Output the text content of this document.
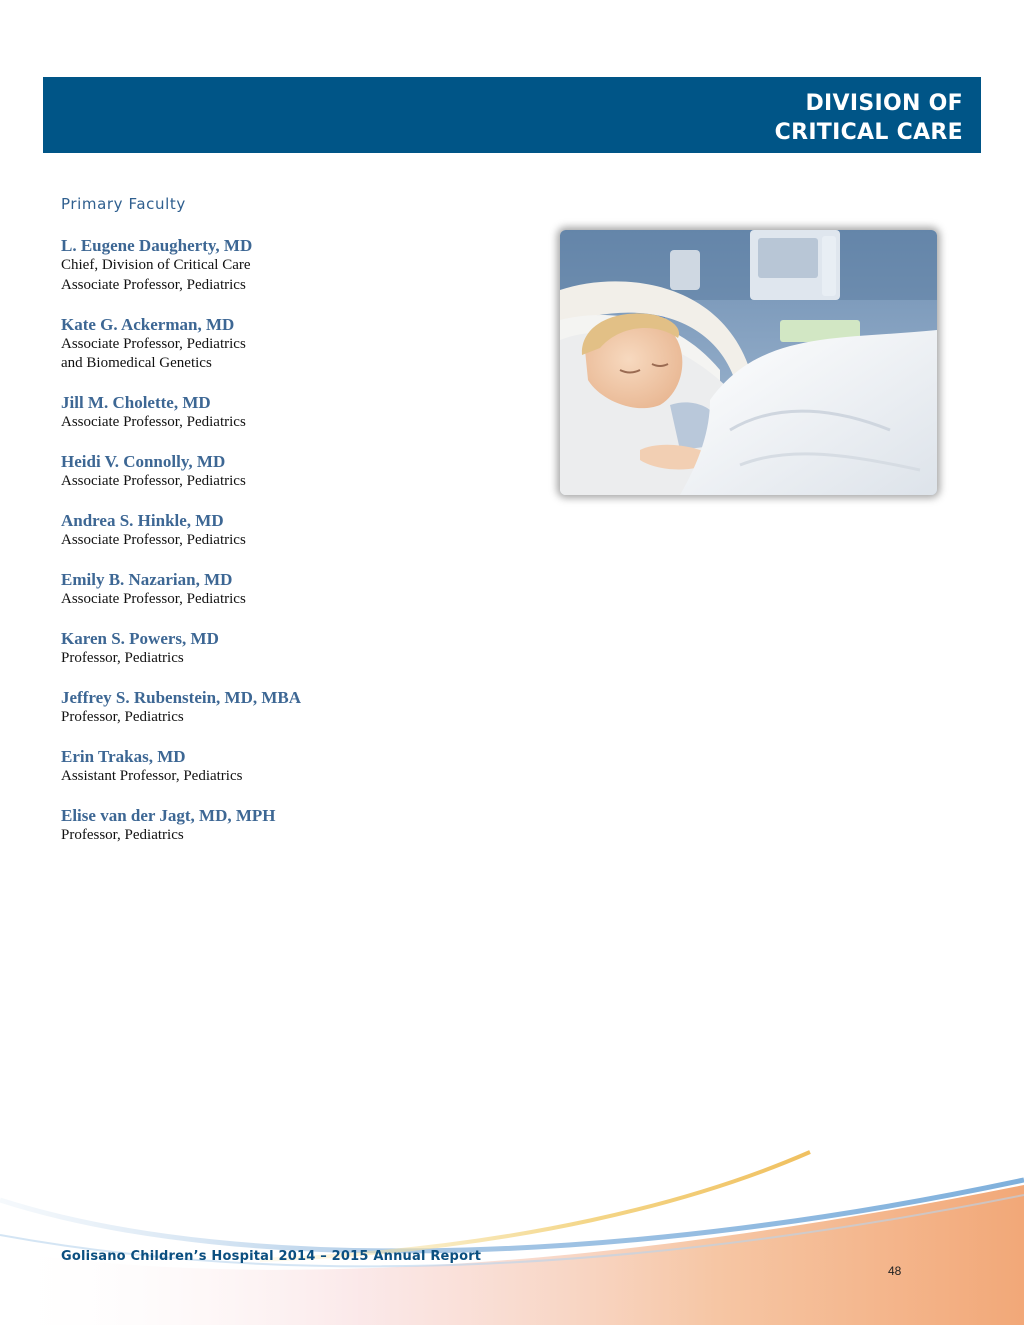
DIVISION OF
CRITICAL CARE
Primary Faculty
L. Eugene Daugherty, MD
Chief, Division of Critical Care
Associate Professor, Pediatrics
Kate G. Ackerman, MD
Associate Professor, Pediatrics
and Biomedical Genetics
Jill M. Cholette, MD
Associate Professor, Pediatrics
Heidi V. Connolly, MD
Associate Professor, Pediatrics
Andrea S. Hinkle, MD
Associate Professor, Pediatrics
Emily B. Nazarian, MD
Associate Professor, Pediatrics
Karen S. Powers, MD
Professor, Pediatrics
Jeffrey S. Rubenstein, MD, MBA
Professor, Pediatrics
Erin Trakas, MD
Assistant Professor, Pediatrics
Elise van der Jagt, MD, MPH
Professor, Pediatrics
Golisano Children’s Hospital 2014 – 2015 Annual Report
48
